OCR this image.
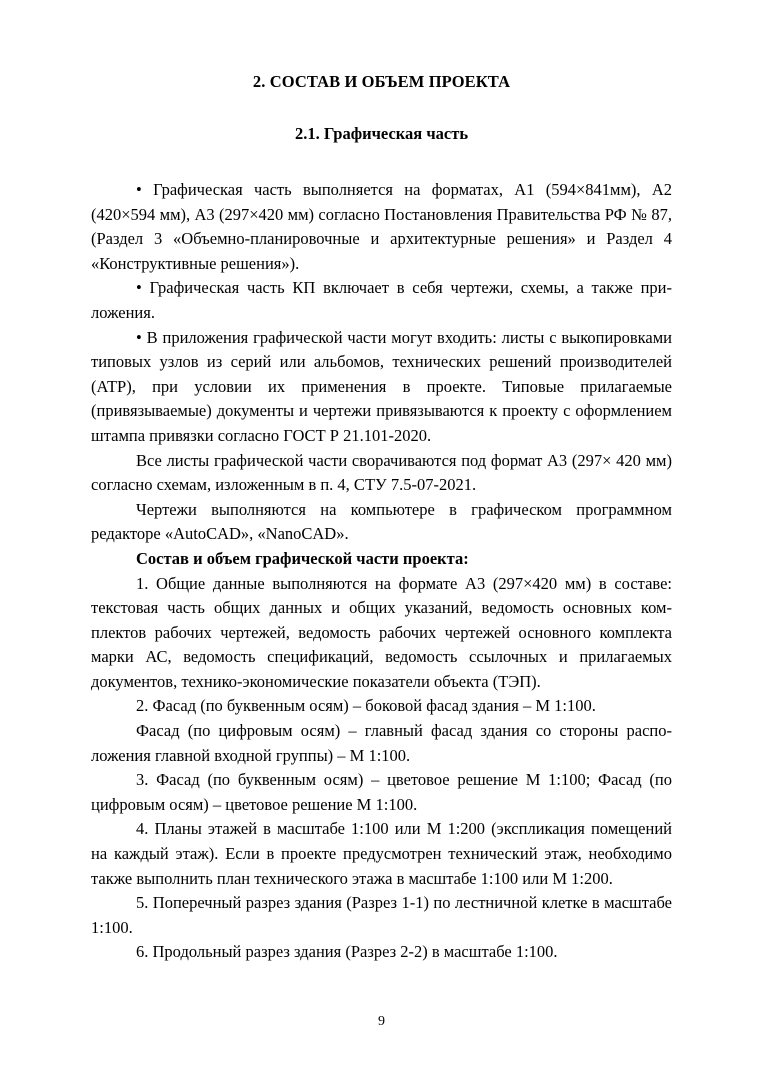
2. СОСТАВ И ОБЪЕМ ПРОЕКТА
2.1. Графическая часть

• Графическая часть выполняется на форматах, А1 (594×841мм), А2 (420×594 мм), А3 (297×420 мм) согласно Постановления Правительства РФ № 87, (Раздел 3 «Объемно-планировочные и архитектурные решения» и Раздел 4 «Конструктивные решения»).

• Графическая часть КП включает в себя чертежи, схемы, а также приложения.

• В приложения графической части могут входить: листы с выкопировками типовых узлов из серий или альбомов, технических решений производителей (АТР), при условии их применения в проекте. Типовые прилагаемые (привязываемые) документы и чертежи привязываются к проекту с оформлением штампа привязки согласно ГОСТ Р 21.101-2020.

Все листы графической части сворачиваются под формат А3 (297× 420 мм) согласно схемам, изложенным в п. 4, СТУ 7.5-07-2021.

Чертежи выполняются на компьютере в графическом программном редакторе «AutoCAD», «NanoCAD».

Состав и объем графической части проекта:

1. Общие данные выполняются на формате А3 (297×420 мм) в составе: текстовая часть общих данных и общих указаний, ведомость основных комплектов рабочих чертежей, ведомость рабочих чертежей основного комплекта марки АС, ведомость спецификаций, ведомость ссылочных и прилагаемых документов, технико-экономические показатели объекта (ТЭП).

2. Фасад (по буквенным осям) – боковой фасад здания – М 1:100.

Фасад (по цифровым осям) – главный фасад здания со стороны расположения главной входной группы) – М 1:100.

3. Фасад (по буквенным осям) – цветовое решение М 1:100; Фасад (по цифровым осям) – цветовое решение М 1:100.

4. Планы этажей в масштабе 1:100 или М 1:200 (экспликация помещений на каждый этаж). Если в проекте предусмотрен технический этаж, необходимо также выполнить план технического этажа в масштабе 1:100 или М 1:200.

5. Поперечный разрез здания (Разрез 1-1) по лестничной клетке в масштабе 1:100.

6. Продольный разрез здания (Разрез 2-2) в масштабе 1:100.

9
